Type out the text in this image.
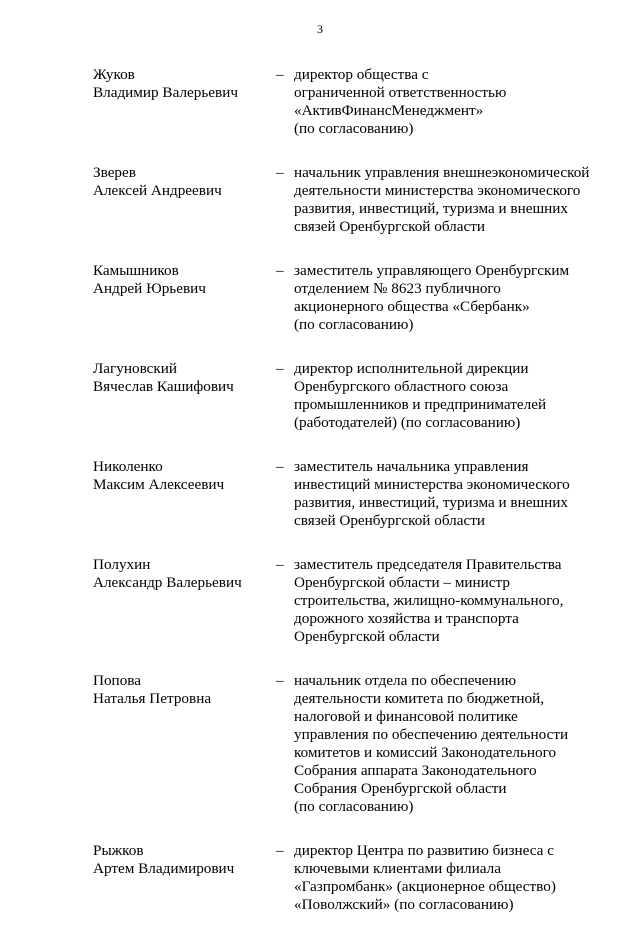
3
Жуков
Владимир Валерьевич
– директор общества с
ограниченной ответственностью
«АктивФинансМенеджмент»
(по согласованию)
Зверев
Алексей Андреевич
– начальник управления внешнеэкономической
деятельности министерства экономического
развития, инвестиций, туризма и внешних
связей Оренбургской области
Камышников
Андрей Юрьевич
– заместитель управляющего Оренбургским
отделением № 8623 публичного
акционерного общества «Сбербанк»
(по согласованию)
Лагуновский
Вячеслав Кашифович
– директор исполнительной дирекции
Оренбургского областного союза
промышленников и предпринимателей
(работодателей) (по согласованию)
Николенко
Максим Алексеевич
– заместитель начальника управления
инвестиций министерства экономического
развития, инвестиций, туризма и внешних
связей Оренбургской области
Полухин
Александр Валерьевич
– заместитель председателя Правительства
Оренбургской области – министр
строительства, жилищно-коммунального,
дорожного хозяйства и транспорта
Оренбургской области
Попова
Наталья Петровна
– начальник отдела по обеспечению
деятельности комитета по бюджетной,
налоговой и финансовой политике
управления по обеспечению деятельности
комитетов и комиссий Законодательного
Собрания аппарата Законодательного
Собрания Оренбургской области
(по согласованию)
Рыжков
Артем Владимирович
– директор Центра по развитию бизнеса с
ключевыми клиентами филиала
«Газпромбанк» (акционерное общество)
«Поволжский» (по согласованию)
